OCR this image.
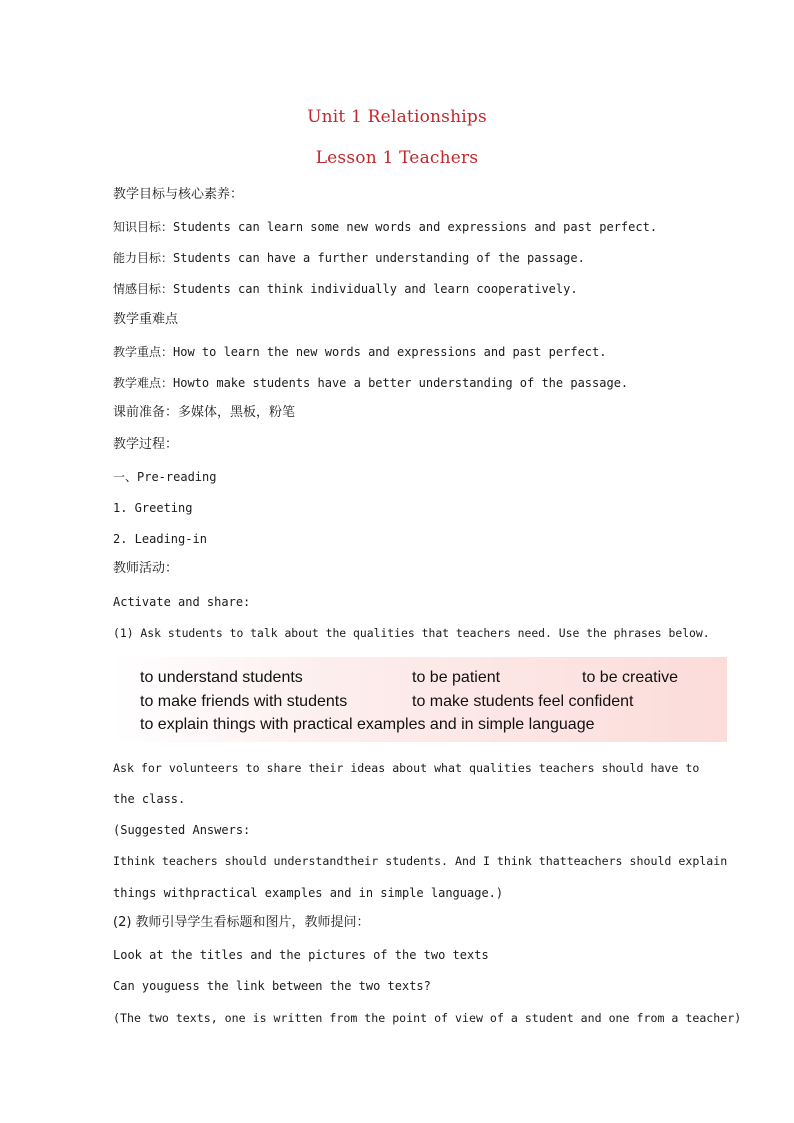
Unit 1 Relationships
Lesson 1 Teachers
教学目标与核心素养：
知识目标：Students can learn some new words and expressions and past perfect.
能力目标：Students can have a further understanding of the passage.
情感目标：Students can think individually and learn cooperatively.
教学重难点
教学重点：How to learn the new words and expressions and past perfect.
教学难点：Howto make students have a better understanding of the passage.
课前准备：多媒体，黑板，粉笔
教学过程：
一、Pre-reading
1. Greeting
2. Leading-in
教师活动：
Activate and share:
(1) Ask students to talk about the qualities that teachers need. Use the phrases below.
to understand students	to be patient	to be creative
to make friends with students	to make students feel confident
to explain things with practical examples and in simple language
Ask for volunteers to share their ideas about what qualities teachers should have to
the class.
(Suggested Answers:
Ithink teachers should understandtheir students. And I think thatteachers should explain
things withpractical examples and in simple language.)
(2) 教师引导学生看标题和图片，教师提问：
Look at the titles and the pictures of the two texts
Can youguess the link between the two texts?
(The two texts, one is written from the point of view of a student and one from a teacher)
